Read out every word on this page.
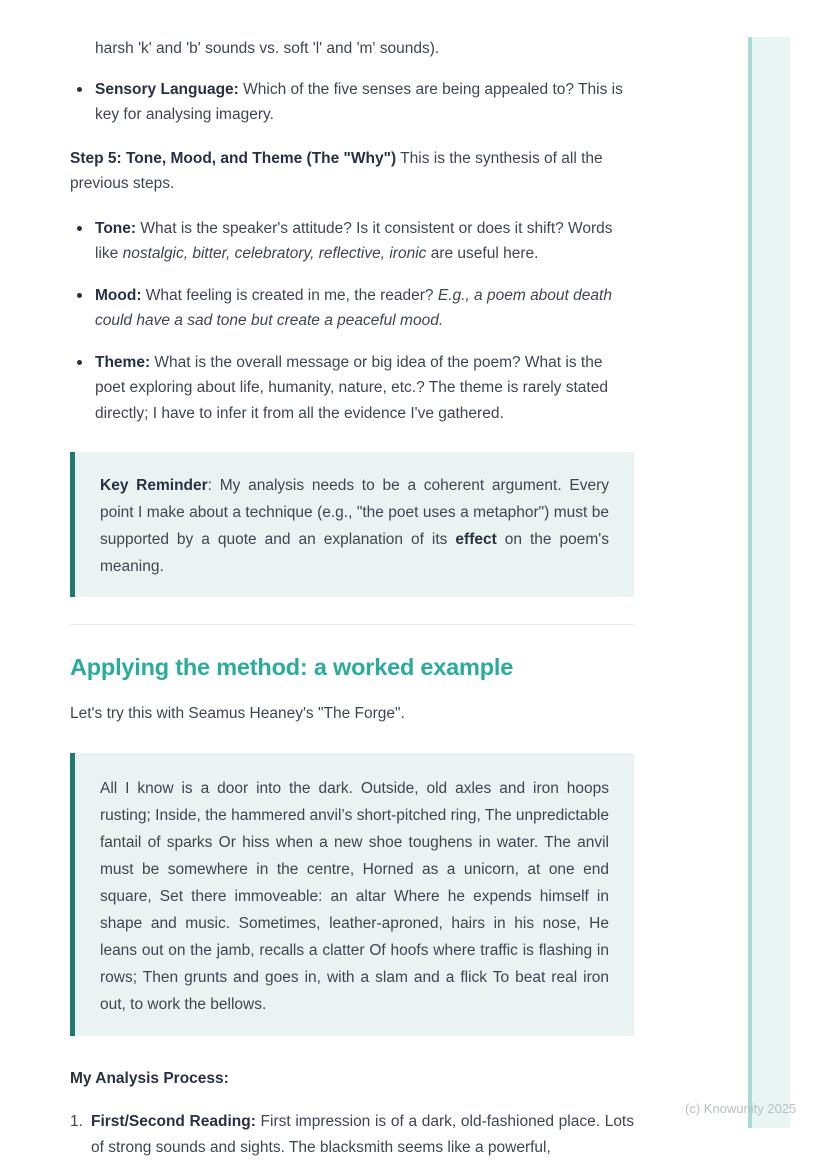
harsh 'k' and 'b' sounds vs. soft 'l' and 'm' sounds).

Sensory Language: Which of the five senses are being appealed to? This is key for analysing imagery.

Step 5: Tone, Mood, and Theme (The "Why") This is the synthesis of all the previous steps.

Tone: What is the speaker's attitude? Is it consistent or does it shift? Words like nostalgic, bitter, celebratory, reflective, ironic are useful here.
Mood: What feeling is created in me, the reader? E.g., a poem about death could have a sad tone but create a peaceful mood.
Theme: What is the overall message or big idea of the poem? What is the poet exploring about life, humanity, nature, etc.? The theme is rarely stated directly; I have to infer it from all the evidence I've gathered.

Key Reminder: My analysis needs to be a coherent argument. Every point I make about a technique (e.g., "the poet uses a metaphor") must be supported by a quote and an explanation of its effect on the poem's meaning.

Applying the method: a worked example

Let's try this with Seamus Heaney's "The Forge".

All I know is a door into the dark. Outside, old axles and iron hoops rusting; Inside, the hammered anvil’s short-pitched ring, The unpredictable fantail of sparks Or hiss when a new shoe toughens in water. The anvil must be somewhere in the centre, Horned as a unicorn, at one end square, Set there immoveable: an altar Where he expends himself in shape and music. Sometimes, leather-aproned, hairs in his nose, He leans out on the jamb, recalls a clatter Of hoofs where traffic is flashing in rows; Then grunts and goes in, with a slam and a flick To beat real iron out, to work the bellows.

My Analysis Process:

1. First/Second Reading: First impression is of a dark, old-fashioned place. Lots of strong sounds and sights. The blacksmith seems like a powerful,
(c) Knowunity 2025
